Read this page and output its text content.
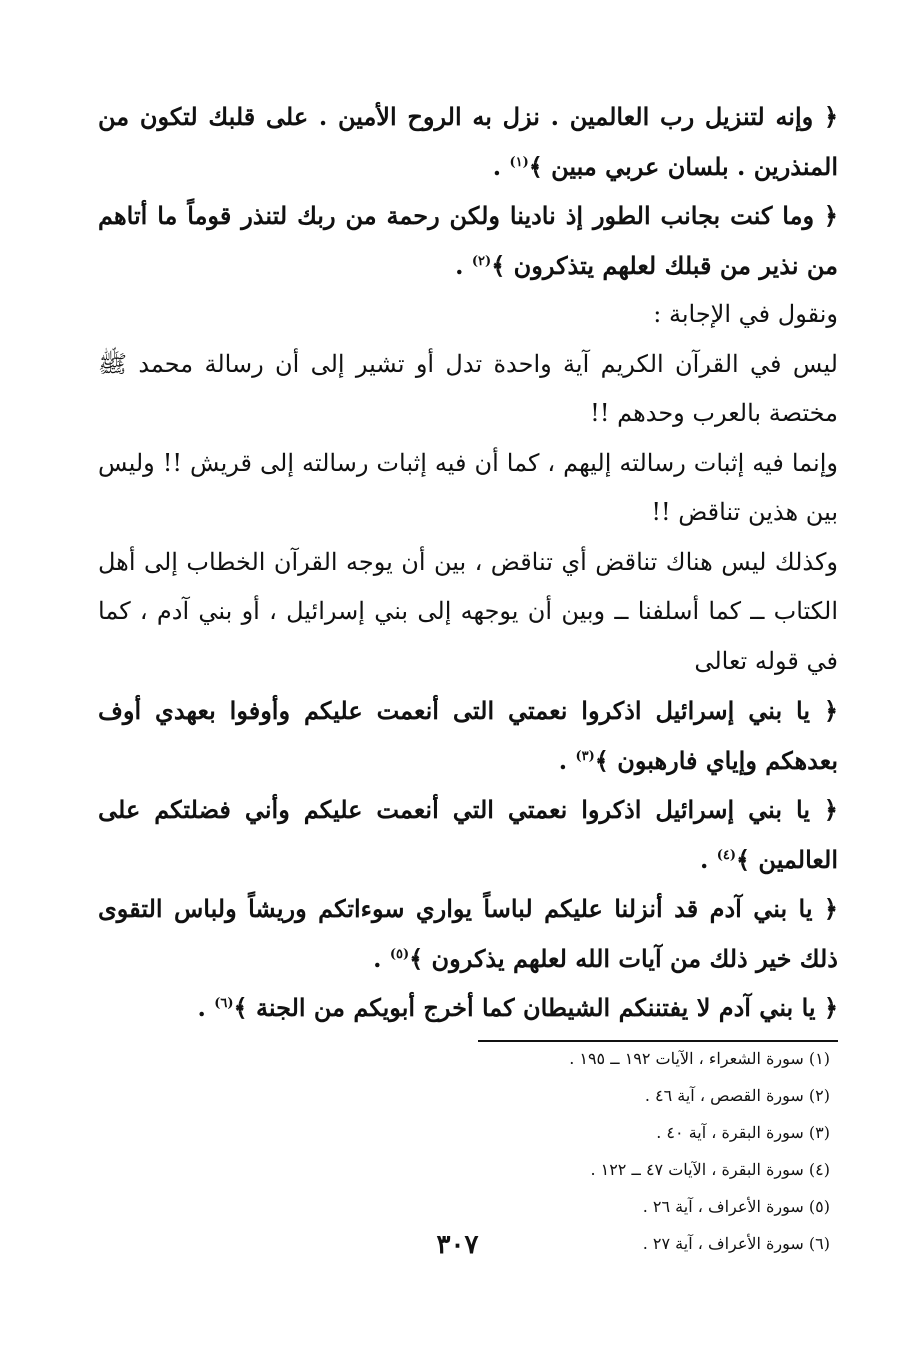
﴿ وإنه لتنزيل رب العالمين . نزل به الروح الأمين . على قلبك لتكون من المنذرين . بلسان عربي مبين ﴾$^{(١)}$ .

﴿ وما كنت بجانب الطور إذ نادينا ولكن رحمة من ربك لتنذر قوماً ما أتاهم من نذير من قبلك لعلهم يتذكرون ﴾$^{(٢)}$ .

ونقول في الإجابة :

ليس في القرآن الكريم آية واحدة تدل أو تشير إلى أن رسالة محمد ﷺ مختصة بالعرب وحدهم !!

وإنما فيه إثبات رسالته إليهم ، كما أن فيه إثبات رسالته إلى قريش !! وليس بين هذين تناقض !!

وكذلك ليس هناك تناقض أي تناقض ، بين أن يوجه القرآن الخطاب إلى أهل الكتاب ــ كما أسلفنا ــ وبين أن يوجهه إلى بني إسرائيل ، أو بني آدم ، كما في قوله تعالى

﴿ يا بني إسرائيل اذكروا نعمتي التى أنعمت عليكم وأوفوا بعهدي أوف بعدهكم وإياي فارهبون ﴾$^{(٣)}$ .

﴿ يا بني إسرائيل اذكروا نعمتي التي أنعمت عليكم وأني فضلتكم على العالمين ﴾$^{(٤)}$ .

﴿ يا بني آدم قد أنزلنا عليكم لباساً يواري سوءاتكم وريشاً ولباس التقوى ذلك خير ذلك من آيات الله لعلهم يذكرون ﴾$^{(٥)}$ .

﴿ يا بني آدم لا يفتننكم الشيطان كما أخرج أبويكم من الجنة ﴾$^{(٦)}$ .

(١) سورة الشعراء ، الآيات ١٩٢ ــ ١٩٥ .

(٢) سورة القصص ، آية ٤٦ .

(٣) سورة البقرة ، آية ٤٠ .

(٤) سورة البقرة ، الآيات ٤٧ ــ ١٢٢ .

(٥) سورة الأعراف ، آية ٢٦ .

(٦) سورة الأعراف ، آية ٢٧ .

٣٠٧
